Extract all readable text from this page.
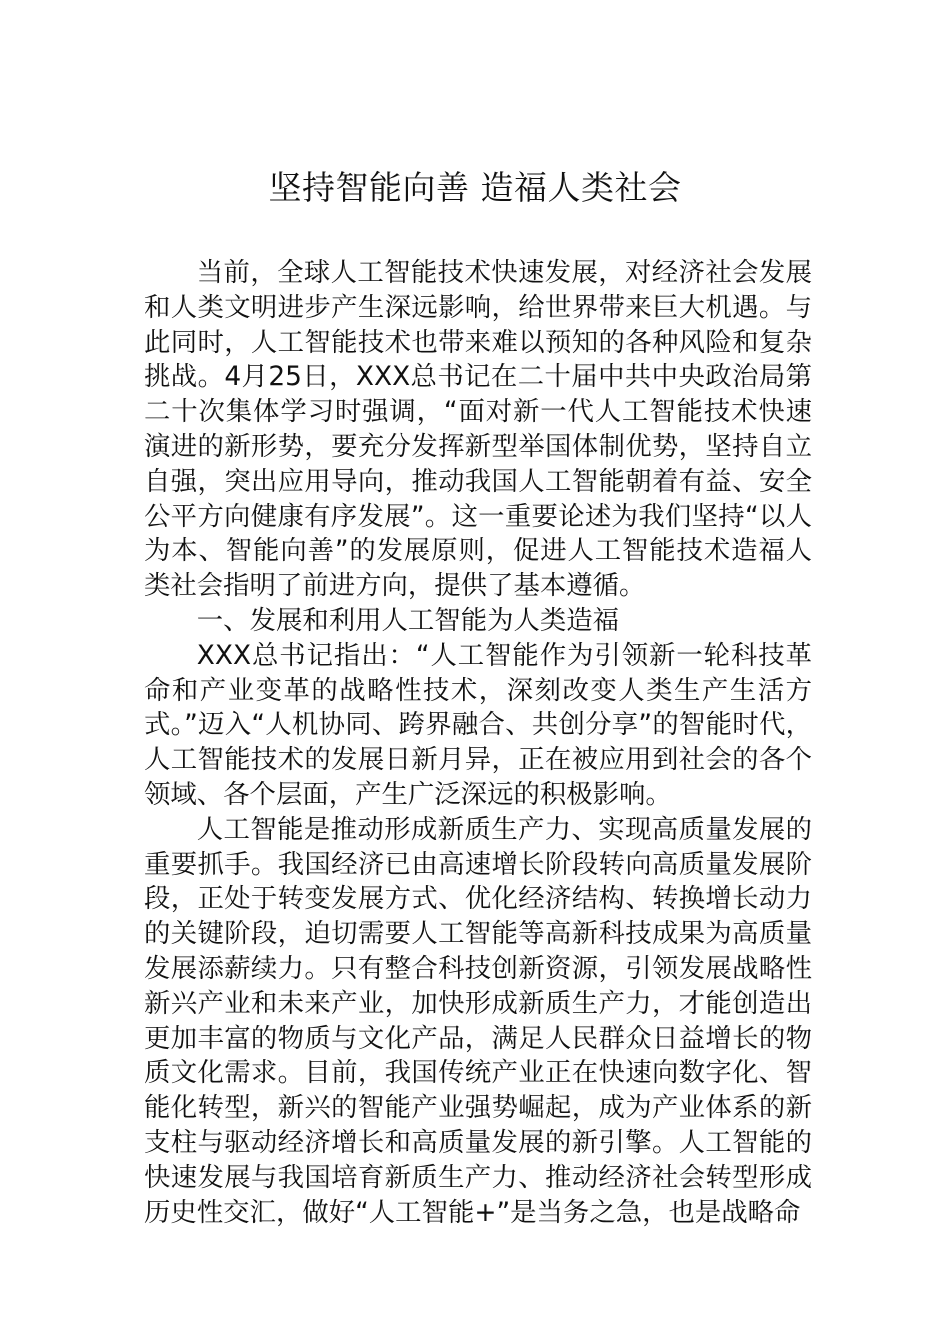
坚持智能向善 造福人类社会

当前，全球人工智能技术快速发展，对经济社会发展和人类文明进步产生深远影响，给世界带来巨大机遇。与此同时，人工智能技术也带来难以预知的各种风险和复杂挑战。4月25日，XXX总书记在二十届中共中央政治局第二十次集体学习时强调，“面对新一代人工智能技术快速演进的新形势，要充分发挥新型举国体制优势，坚持自立自强，突出应用导向，推动我国人工智能朝着有益、安全公平方向健康有序发展”。这一重要论述为我们坚持“以人为本、智能向善”的发展原则，促进人工智能技术造福人类社会指明了前进方向，提供了基本遵循。

一、发展和利用人工智能为人类造福

XXX总书记指出：“人工智能作为引领新一轮科技革命和产业变革的战略性技术，深刻改变人类生产生活方式。”迈入“人机协同、跨界融合、共创分享”的智能时代，人工智能技术的发展日新月异，正在被应用到社会的各个领域、各个层面，产生广泛深远的积极影响。

人工智能是推动形成新质生产力、实现高质量发展的重要抓手。我国经济已由高速增长阶段转向高质量发展阶段，正处于转变发展方式、优化经济结构、转换增长动力的关键阶段，迫切需要人工智能等高新科技成果为高质量发展添薪续力。只有整合科技创新资源，引领发展战略性新兴产业和未来产业，加快形成新质生产力，才能创造出更加丰富的物质与文化产品，满足人民群众日益增长的物质文化需求。目前，我国传统产业正在快速向数字化、智能化转型，新兴的智能产业强势崛起，成为产业体系的新支柱与驱动经济增长和高质量发展的新引擎。人工智能的快速发展与我国培育新质生产力、推动经济社会转型形成历史性交汇，做好“人工智能+”是当务之急，也是战略命
